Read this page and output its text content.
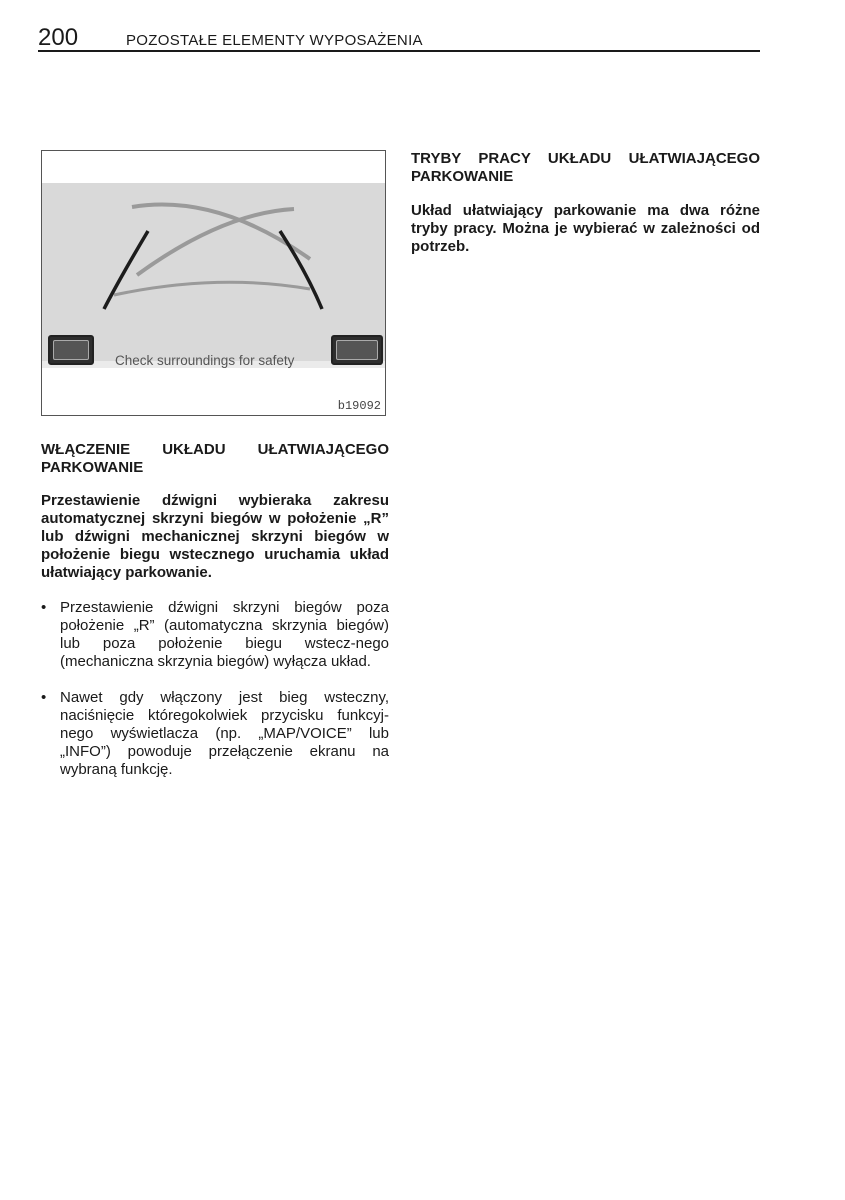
200	POZOSTAŁE ELEMENTY WYPOSAŻENIA
Check surroundings for safety
b19092
WŁĄCZENIE UKŁADU UŁATWIAJĄCEGO PARKOWANIE

Przestawienie dźwigni wybieraka zakresu automatycznej skrzyni biegów w położenie „R” lub dźwigni mechanicznej skrzyni biegów w położenie biegu wstecznego uruchamia układ ułatwiający parkowanie.

• Przestawienie dźwigni skrzyni biegów poza położenie „R” (automatyczna skrzynia biegów) lub poza położenie biegu wstecz-nego (mechaniczna skrzynia biegów) wyłącza układ.
• Nawet gdy włączony jest bieg wsteczny, naciśnięcie któregokolwiek przycisku funkcyj-nego wyświetlacza (np. „MAP/VOICE” lub „INFO”) powoduje przełączenie ekranu na wybraną funkcję.
TRYBY PRACY UKŁADU UŁATWIAJĄCEGO PARKOWANIE

Układ ułatwiający parkowanie ma dwa różne tryby pracy. Można je wybierać w zależności od potrzeb.
